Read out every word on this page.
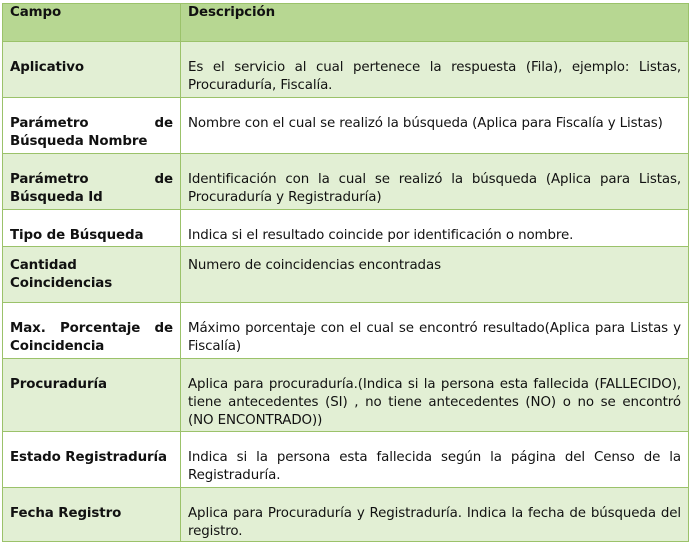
Campo	Descripción
Aplicativo	Es el servicio al cual pertenece la respuesta (Fila), ejemplo: Listas, Procuraduría, Fiscalía.

Parámetro de
Búsqueda Nombre	Nombre con el cual se realizó la búsqueda (Aplica para Fiscalía y Listas)

Parámetro de
Búsqueda Id	Identificación con la cual se realizó la búsqueda (Aplica para Listas, Procuraduría y Registraduría)
Tipo de Búsqueda	Indica si el resultado coincide por identificación o nombre.

Cantidad
Coincidencias	Numero de coincidencias encontradas

Max. Porcentaje de
Coincidencia	Máximo porcentaje con el cual se encontró resultado(Aplica para Listas y Fiscalía)
Procuraduría	Aplica para procuraduría.(Indica si la persona esta fallecida (FALLECIDO), tiene antecedentes (SI) , no tiene antecedentes (NO) o no se encontró (NO ENCONTRADO))
Estado Registraduría	Indica si la persona esta fallecida según la página del Censo de la Registraduría.
Fecha Registro	Aplica para Procuraduría y Registraduría. Indica la fecha de búsqueda del registro.
